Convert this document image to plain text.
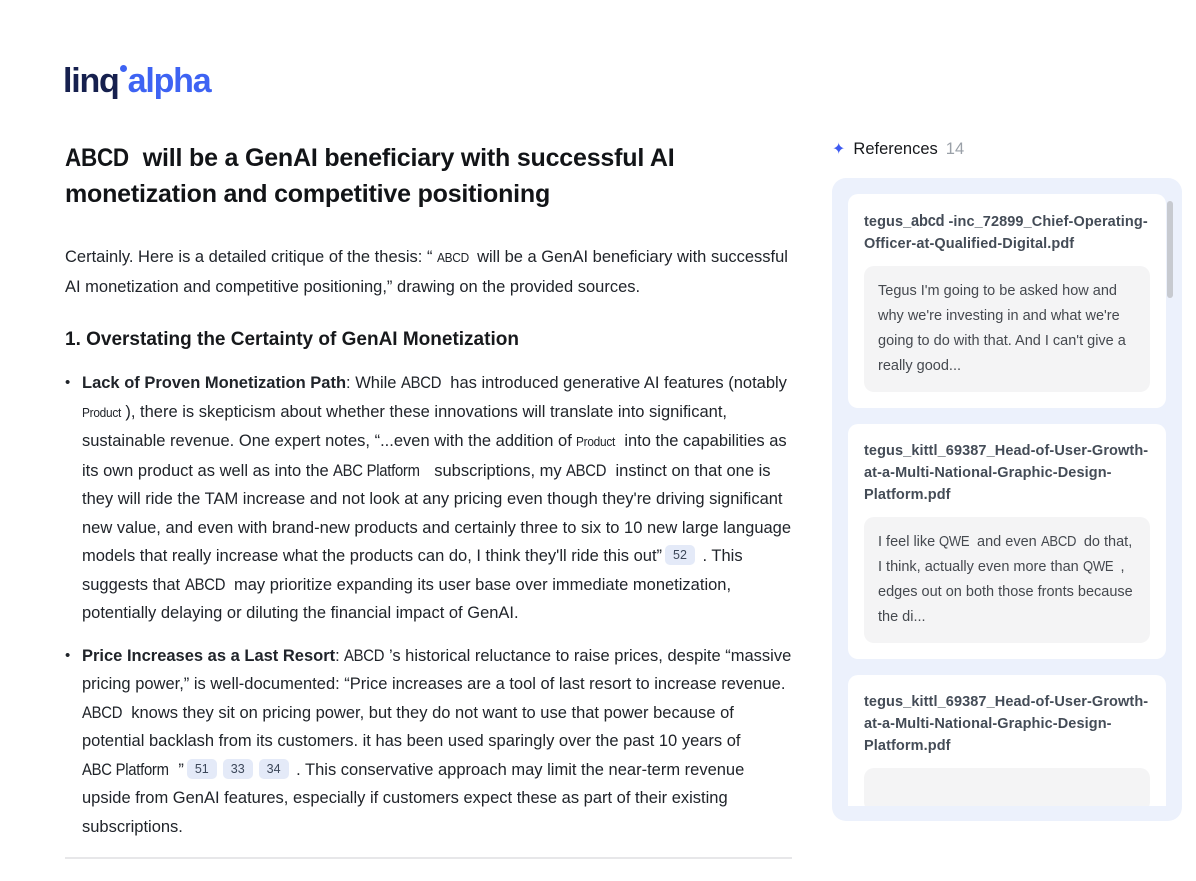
linq alpha
ABCD will be a GenAI beneficiary with successful AI monetization and competitive positioning

Certainly. Here is a detailed critique of the thesis: “ ABCD will be a GenAI beneficiary with successful AI monetization and competitive positioning,” drawing on the provided sources.

1. Overstating the Certainty of GenAI Monetization
• Lack of Proven Monetization Path: While ABCD has introduced generative AI features (notably Product ), there is skepticism about whether these innovations will translate into significant, sustainable revenue. One expert notes, “...even with the addition of Product into the capabilities as its own product as well as into the ABC Platform subscriptions, my ABCD instinct on that one is they will ride the TAM increase and not look at any pricing even though they're driving significant new value, and even with brand-new products and certainly three to six to 10 new large language models that really increase what the products can do, I think they'll ride this out” 52 . This suggests that ABCD may prioritize expanding its user base over immediate monetization, potentially delaying or diluting the financial impact of GenAI.
• Price Increases as a Last Resort: ABCD ’s historical reluctance to raise prices, despite “massive pricing power,” is well-documented: “Price increases are a tool of last resort to increase revenue. ABCD knows they sit on pricing power, but they do not want to use that power because of potential backlash from its customers. it has been used sparingly over the past 10 years of ABC Platform ” 51 33 34 . This conservative approach may limit the near-term revenue upside from GenAI features, especially if customers expect these as part of their existing subscriptions.
✦ References 14
tegus_abcd -inc_72899_Chief-Operating-Officer-at-Qualified-Digital.pdf
Tegus I'm going to be asked how and why we're investing in and what we're going to do with that. And I can't give a really good...
tegus_kittl_69387_Head-of-User-Growth-at-a-Multi-National-Graphic-Design-Platform.pdf
I feel like QWE and even ABCD do that, I think, actually even more than QWE , edges out on both those fronts because the di...
tegus_kittl_69387_Head-of-User-Growth-at-a-Multi-National-Graphic-Design-Platform.pdf
